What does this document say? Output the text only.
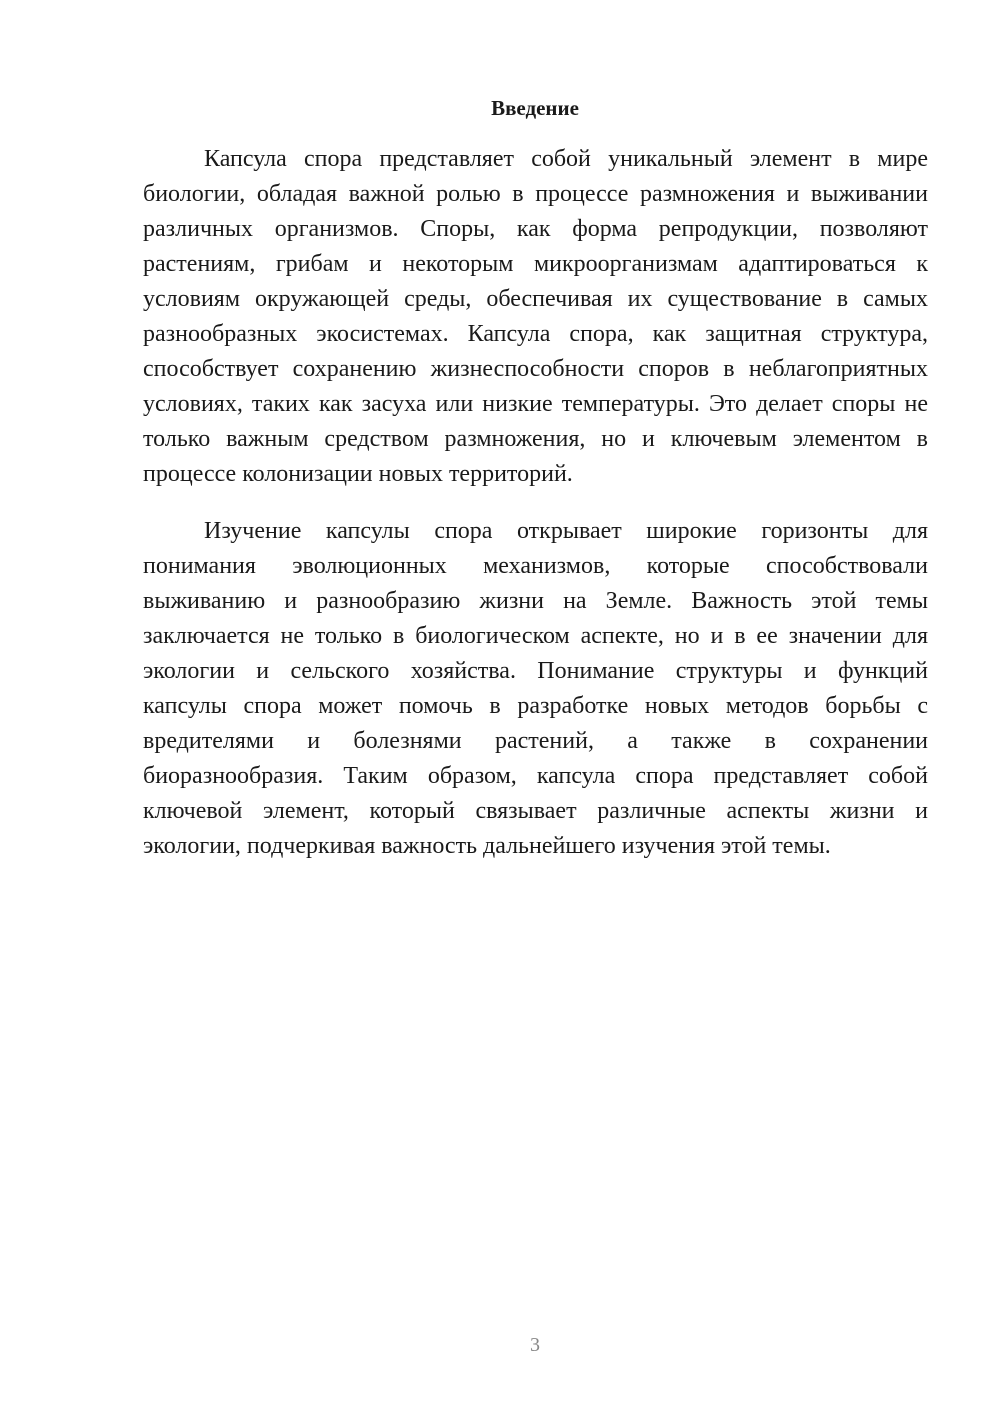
Введение
Капсула спора представляет собой уникальный элемент в мире
биологии, обладая важной ролью в процессе размножения и выживании
различных организмов. Споры, как форма репродукции, позволяют
растениям, грибам и некоторым микроорганизмам адаптироваться к
условиям окружающей среды, обеспечивая их существование в самых
разнообразных экосистемах. Капсула спора, как защитная структура,
способствует сохранению жизнеспособности споров в неблагоприятных
условиях, таких как засуха или низкие температуры. Это делает споры не
только важным средством размножения, но и ключевым элементом в
процессе колонизации новых территорий.
Изучение капсулы спора открывает широкие горизонты для
понимания эволюционных механизмов, которые способствовали
выживанию и разнообразию жизни на Земле. Важность этой темы
заключается не только в биологическом аспекте, но и в ее значении для
экологии и сельского хозяйства. Понимание структуры и функций
капсулы спора может помочь в разработке новых методов борьбы с
вредителями и болезнями растений, а также в сохранении
биоразнообразия. Таким образом, капсула спора представляет собой
ключевой элемент, который связывает различные аспекты жизни и
экологии, подчеркивая важность дальнейшего изучения этой темы.
3
